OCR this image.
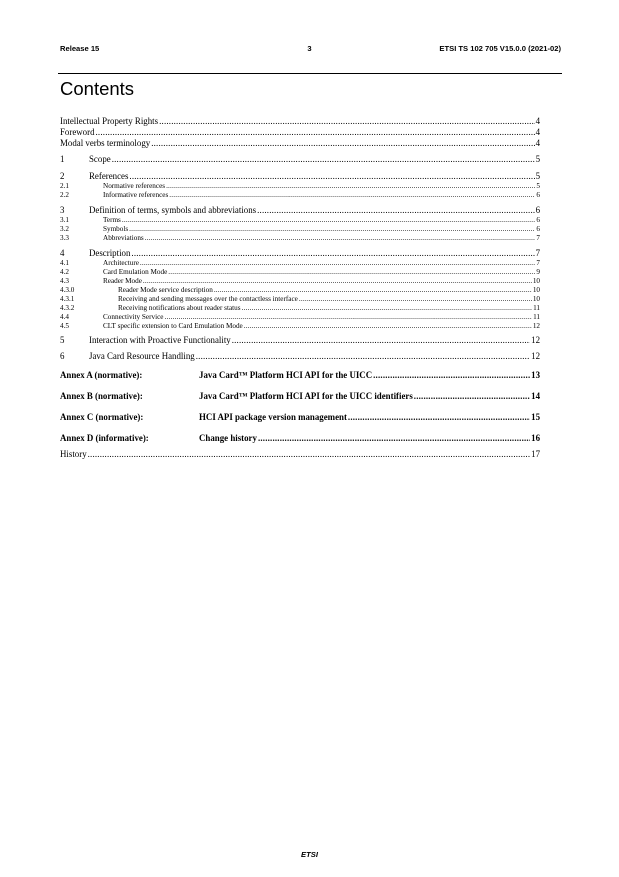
Release 15	3	ETSI TS 102 705 V15.0.0 (2021-02)
Contents
Intellectual Property Rights .....	4
Foreword .....	4
Modal verbs terminology .....	4
1	Scope .....	5
2	References .....	5
2.1	Normative references .....	5
2.2	Informative references .....	6
3	Definition of terms, symbols and abbreviations .....	6
3.1	Terms .....	6
3.2	Symbols .....	6
3.3	Abbreviations .....	7
4	Description .....	7
4.1	Architecture .....	7
4.2	Card Emulation Mode .....	9
4.3	Reader Mode .....	10
4.3.0	Reader Mode service description .....	10
4.3.1	Receiving and sending messages over the contactless interface .....	10
4.3.2	Receiving notifications about reader status .....	11
4.4	Connectivity Service .....	11
4.5	CLT specific extension to Card Emulation Mode .....	12
5	Interaction with Proactive Functionality .....	12
6	Java Card Resource Handling .....	12
Annex A (normative):	Java Card™ Platform HCI API for the UICC .....	13
Annex B (normative):	Java Card™ Platform HCI API for the UICC identifiers .....	14
Annex C (normative):	HCI API package version management .....	15
Annex D (informative):	Change history .....	16
History .....	17
ETSI
